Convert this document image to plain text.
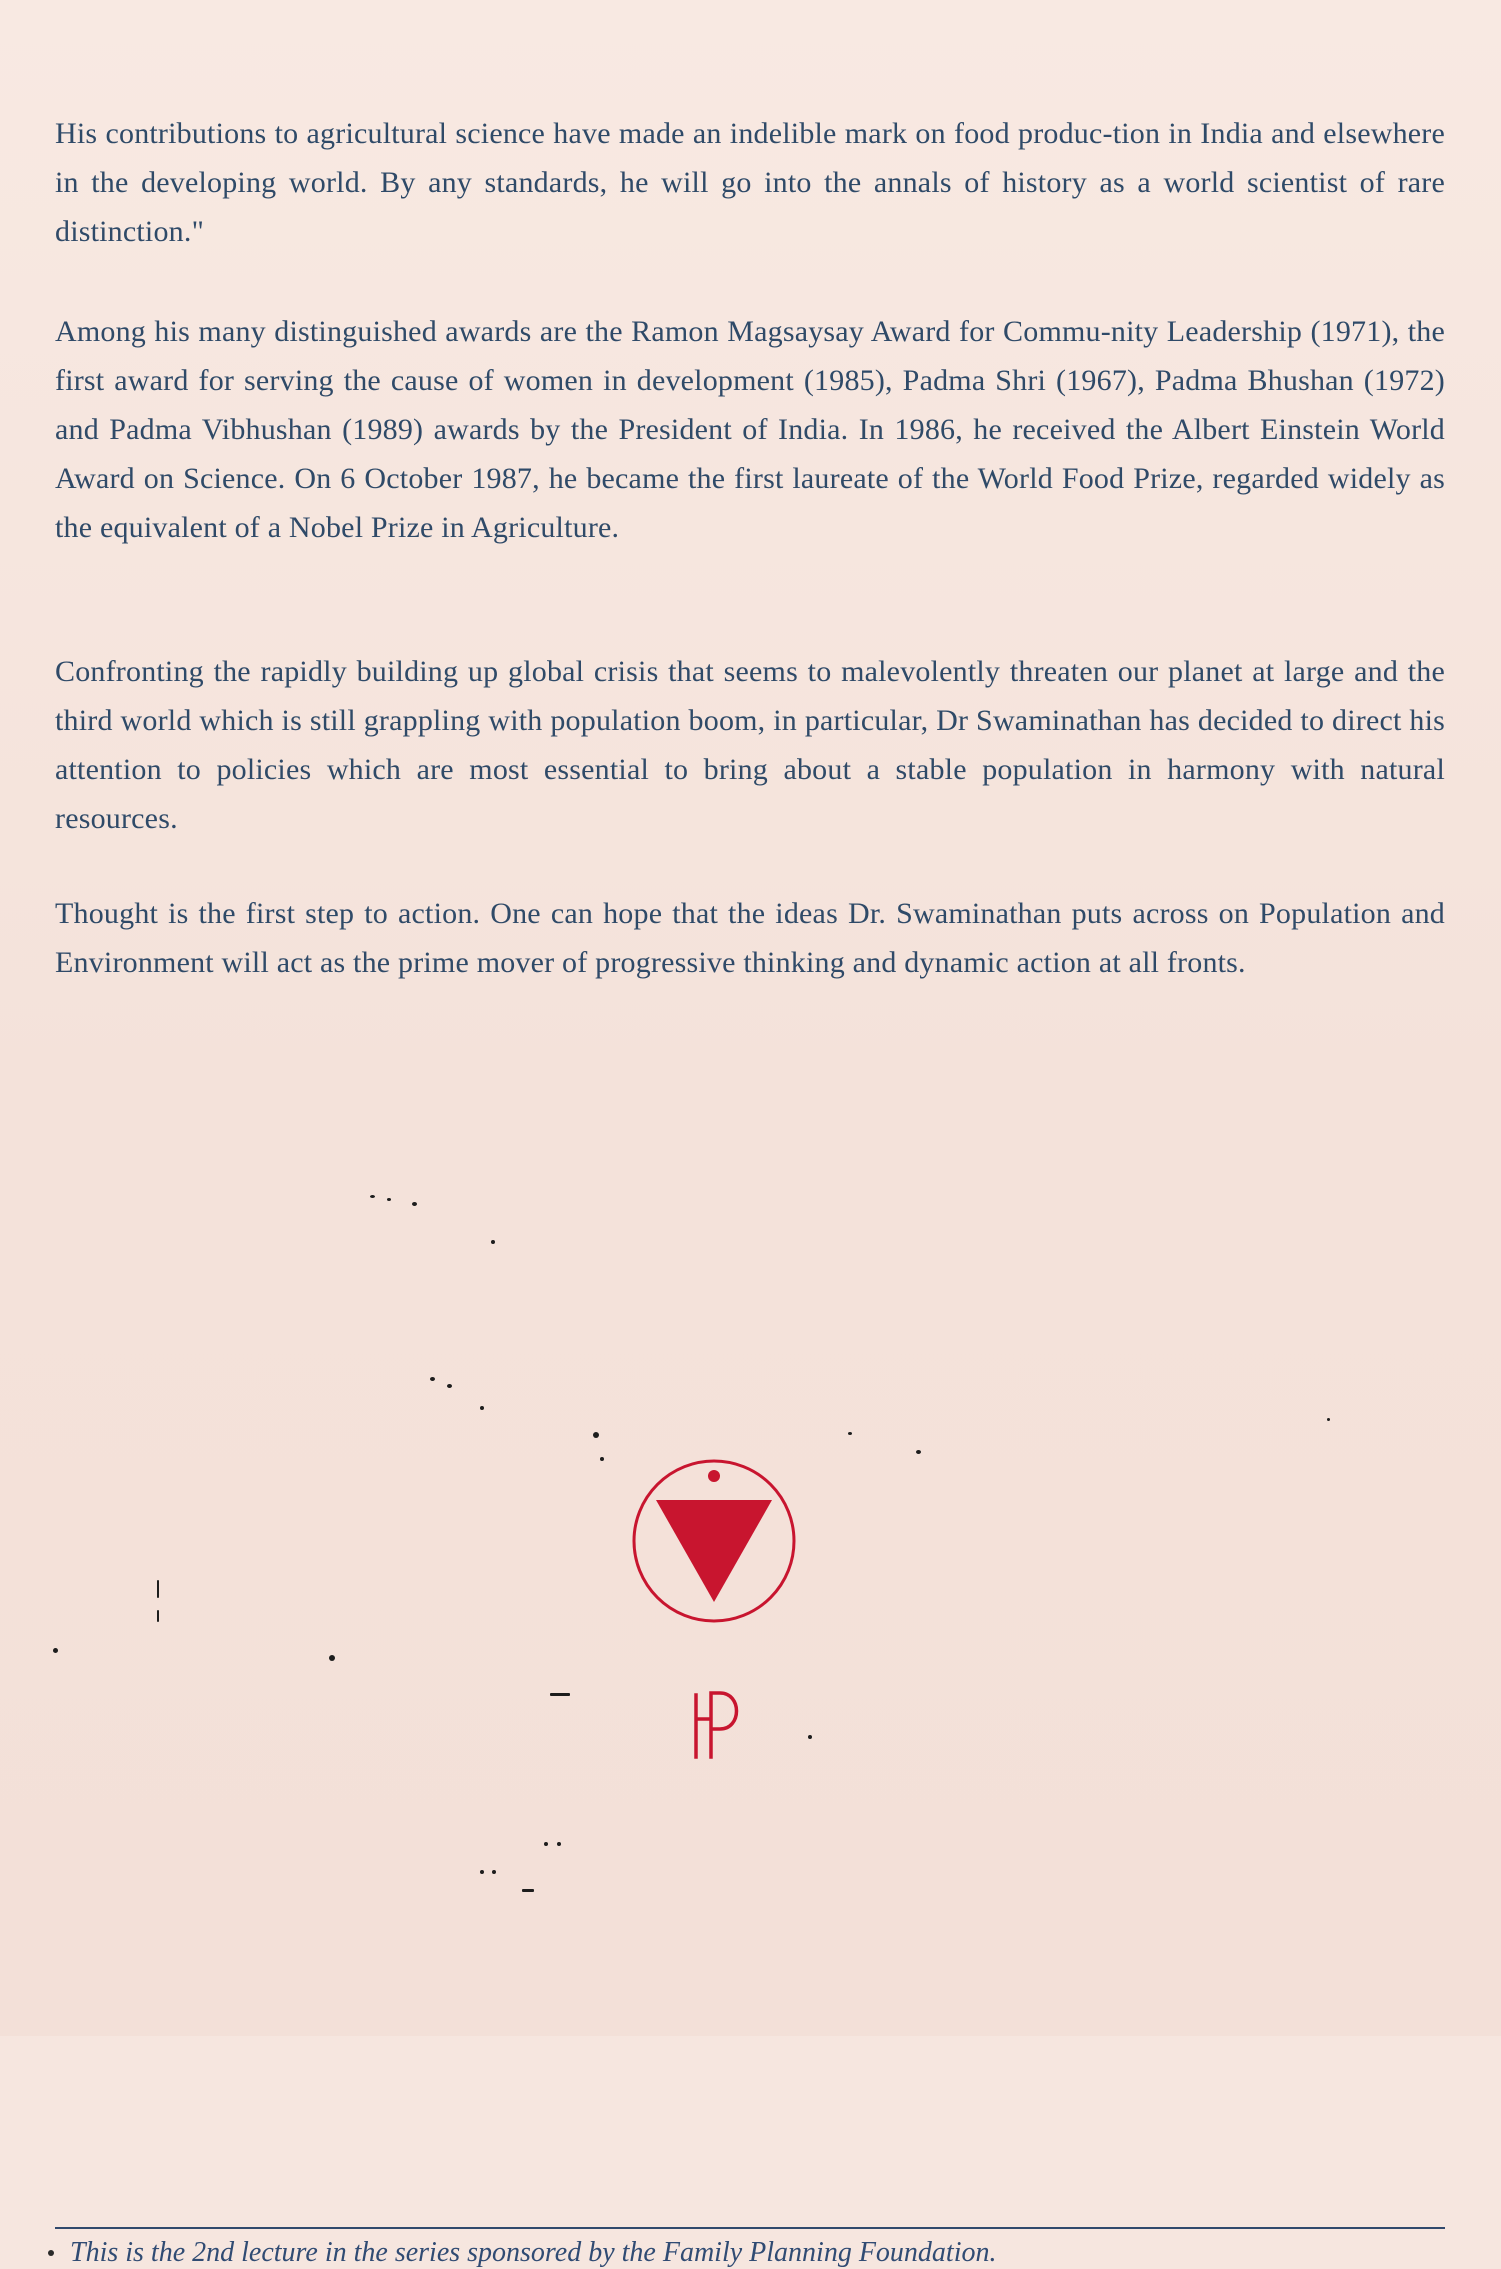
His contributions to agricultural science have made an indelible mark on food produc-tion in India and elsewhere in the developing world. By any standards, he will go into the annals of history as a world scientist of rare distinction."

Among his many distinguished awards are the Ramon Magsaysay Award for Commu-nity Leadership (1971), the first award for serving the cause of women in development (1985), Padma Shri (1967), Padma Bhushan (1972) and Padma Vibhushan (1989) awards by the President of India. In 1986, he received the Albert Einstein World Award on Science. On 6 October 1987, he became the first laureate of the World Food Prize, regarded widely as the equivalent of a Nobel Prize in Agriculture.

Confronting the rapidly building up global crisis that seems to malevolently threaten our planet at large and the third world which is still grappling with population boom, in particular, Dr Swaminathan has decided to direct his attention to policies which are most essential to bring about a stable population in harmony with natural resources.

Thought is the first step to action. One can hope that the ideas Dr. Swaminathan puts across on Population and Environment will act as the prime mover of progressive thinking and dynamic action at all fronts.

This is the 2nd lecture in the series sponsored by the Family Planning Foundation.
